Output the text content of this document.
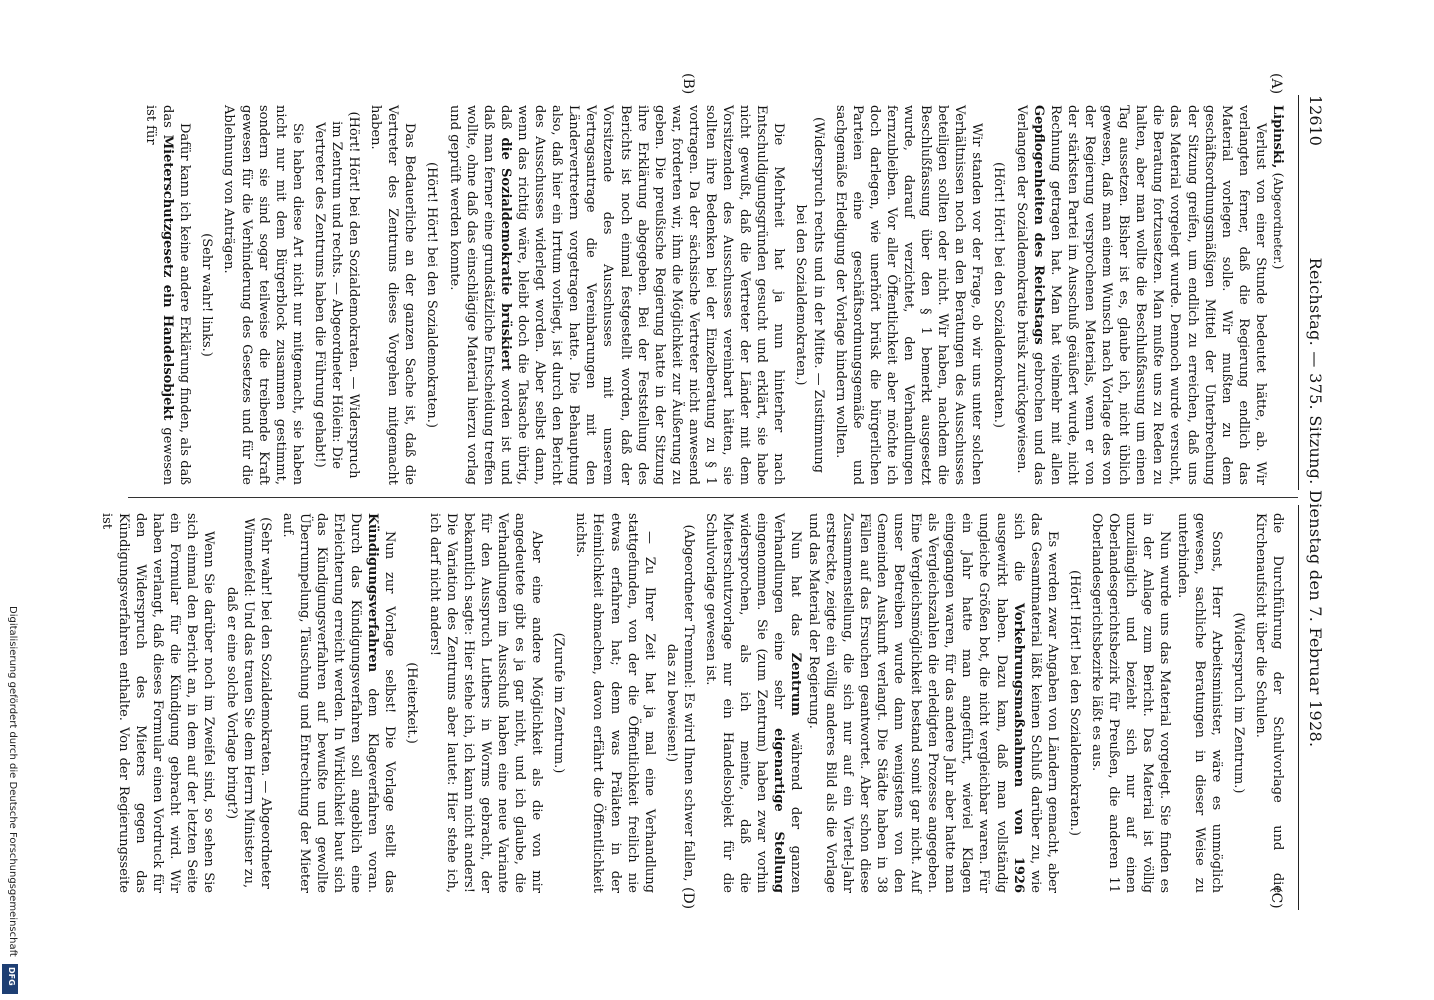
12610
Reichstag. — 375. Sitzung. Dienstag den 7. Februar 1928.
(A)
(B)
(C)
(D)

Lipinski, (Abgeordneter.)

Verlust von einer Stunde bedeutet hätte, ab. Wir verlangten ferner, daß die Regierung endlich das Material vorlegen solle. Wir mußten zu dem geschäftsordnungsmäßigen Mittel der Unterbrechung der Sitzung greifen, um endlich zu erreichen, daß uns das Material vorgelegt wurde. Dennoch wurde versucht, die Beratung fortzusetzen. Man mußte uns zu Reden zu halten, aber man wollte die Beschlußfassung um einen Tag aussetzen. Bisher ist es, glaube ich, nicht üblich gewesen, daß man einem Wunsch nach Vorlage des von der Regierung versprochenen Materials, wenn er von der stärksten Partei im Ausschuß geäußert wurde, nicht Rechnung getragen hat. Man hat vielmehr mit allen Gepflogenheiten des Reichstags gebrochen und das Verlangen der Sozialdemokratie brüsk zurückgewiesen.

(Hört! Hört! bei den Sozialdemokraten.)

Wir standen vor der Frage, ob wir uns unter solchen Verhältnissen noch an den Beratungen des Ausschusses beteiligen sollten oder nicht. Wir haben, nachdem die Beschlußfassung über den § 1 bemerkt ausgesetzt wurde, darauf verzichtet, den Verhandlungen fernzubleiben. Vor aller Öffentlichkeit aber möchte ich doch darlegen, wie unerhört brüsk die bürgerlichen Parteien eine geschäftsordnungsgemäße und sachgemäße Erledigung der Vorlage hindern wollten.

(Widerspruch rechts und in der Mitte. — Zustimmung bei den Sozialdemokraten.)

Die Mehrheit hat ja nun hinterher nach Entschuldigungsgründen gesucht und erklärt, sie habe nicht gewußt, daß die Vertreter der Länder mit dem Vorsitzenden des Ausschusses vereinbart hätten, sie sollten ihre Bedenken bei der Einzelberatung zu § 1 vortragen. Da der sächsische Vertreter nicht anwesend war, forderten wir, ihm die Möglichkeit zur Äußerung zu geben. Die preußische Regierung hatte in der Sitzung ihre Erklärung abgegeben. Bei der Feststellung des Berichts ist noch einmal festgestellt worden, daß der Vorsitzende des Ausschusses mit unserem Vertragsantrage die Vereinbarungen mit den Ländervertretern vorgetragen hatte. Die Behauptung also, daß hier ein Irrtum vorliegt, ist durch den Bericht des Ausschusses widerlegt worden. Aber selbst dann, wenn das richtig wäre, bleibt doch die Tatsache übrig, daß die Sozialdemokratie brüskiert worden ist und daß man ferner eine grundsätzliche Entscheidung treffen wollte, ohne daß das einschlägige Material hierzu vorlag und geprüft werden konnte.

(Hört! Hört! bei den Sozialdemokraten.)

Das Bedauerliche an der ganzen Sache ist, daß die Vertreter des Zentrums dieses Vorgehen mitgemacht haben.

(Hört! Hört! bei den Sozialdemokraten. — Widerspruch im Zentrum und rechts. — Abgeordneter Hölein: Die Vertreter des Zentrums haben die Führung gehabt!)

Sie haben diese Art nicht nur mitgemacht, sie haben nicht nur mit dem Bürgerblock zusammen gestimmt, sondern sie sind sogar teilweise die treibende Kraft gewesen für die Verhinderung des Gesetzes und für die Ablehnung von Anträgen.

(Sehr wahr! links.)

Dafür kann ich keine andere Erklärung finden, als daß das Mieterschutzgesetz ein Handelsobjekt gewesen ist für

die Durchführung der Schulvorlage und die Kirchenaufsicht über die Schulen.

(Widerspruch im Zentrum.)

Sonst, Herr Arbeitsminister, wäre es unmöglich gewesen, sachliche Beratungen in dieser Weise zu unterbinden.

Nun wurde uns das Material vorgelegt. Sie finden es in der Anlage zum Bericht. Das Material ist völlig unzulänglich und bezieht sich nur auf einen Oberlandesgerichtsbezirk für Preußen, die anderen 11 Oberlandesgerichtsbezirke läßt es aus.

(Hört! Hört! bei den Sozialdemokraten.)

Es werden zwar Angaben von Ländern gemacht, aber das Gesamtmaterial läßt keinen Schluß darüber zu, wie sich die Vorkehrungsmaßnahmen von 1926 ausgewirkt haben. Dazu kam, daß man vollständig ungleiche Größen bot, die nicht vergleichbar waren. Für ein Jahr hatte man angeführt, wieviel Klagen eingegangen waren, für das andere Jahr aber hatte man als Vergleichszahlen die erledigten Prozesse angegeben. Eine Vergleichsmöglichkeit bestand somit gar nicht. Auf unser Betreiben wurde dann wenigstens von den Gemeinden Auskunft verlangt. Die Städte haben in 38 Fällen auf das Ersuchen geantwortet. Aber schon diese Zusammenstellung, die sich nur auf ein Viertel-Jahr erstreckte, zeigte ein völlig anderes Bild als die Vorlage und das Material der Regierung.

Nun hat das Zentrum während der ganzen Verhandlungen eine sehr eigenartige Stellung eingenommen. Sie (zum Zentrum) haben zwar vorhin widersprochen, als ich meinte, daß die Mieterschutzvorlage nur ein Handelsobjekt für die Schulvorlage gewesen ist.

(Abgeordneter Tremmel: Es wird Ihnen schwer fallen, das zu beweisen!)

— Zu Ihrer Zeit hat ja mal eine Verhandlung stattgefunden, von der die Öffentlichkeit freilich nie etwas erfahren hat; denn was Prälaten in der Heimlichkeit abmachen, davon erfährt die Öffentlichkeit nichts.

(Zurufe im Zentrum.)

Aber eine andere Möglichkeit als die von mir angedeutete gibt es ja gar nicht, und ich glaube, die Verhandlungen im Ausschuß haben eine neue Variante für den Ausspruch Luthers in Worms gebracht, der bekanntlich sagte: Hier stehe ich, ich kann nicht anders! Die Variation des Zentrums aber lautet: Hier stehe ich, ich darf nicht anders!

(Heiterkeit.)

Nun zur Vorlage selbst! Die Vorlage stellt das Kündigungsverfahren dem Klageverfahren voran. Durch das Kündigungsverfahren soll angeblich eine Erleichterung erreicht werden. In Wirklichkeit baut sich das Kündigungsverfahren auf bewußte und gewollte Überrumpelung, Täuschung und Entrechtung der Mieter auf.

(Sehr wahr! bei den Sozialdemokraten. — Abgeordneter Wimmefeld: Und das trauen Sie dem Herrn Minister zu, daß er eine solche Vorlage bringt?)

Wenn Sie darüber noch im Zweifel sind, so sehen Sie sich einmal den Bericht an, in dem auf der letzten Seite ein Formular für die Kündigung gebracht wird. Wir haben verlangt, daß dieses Formular einen Vordruck für den Widerspruch des Mieters gegen das Kündigungsverfahren enthalte. Von der Regierungsseite ist

Digitalisierung gefördert durch die Deutsche Forschungsgemeinschaft
DFG
